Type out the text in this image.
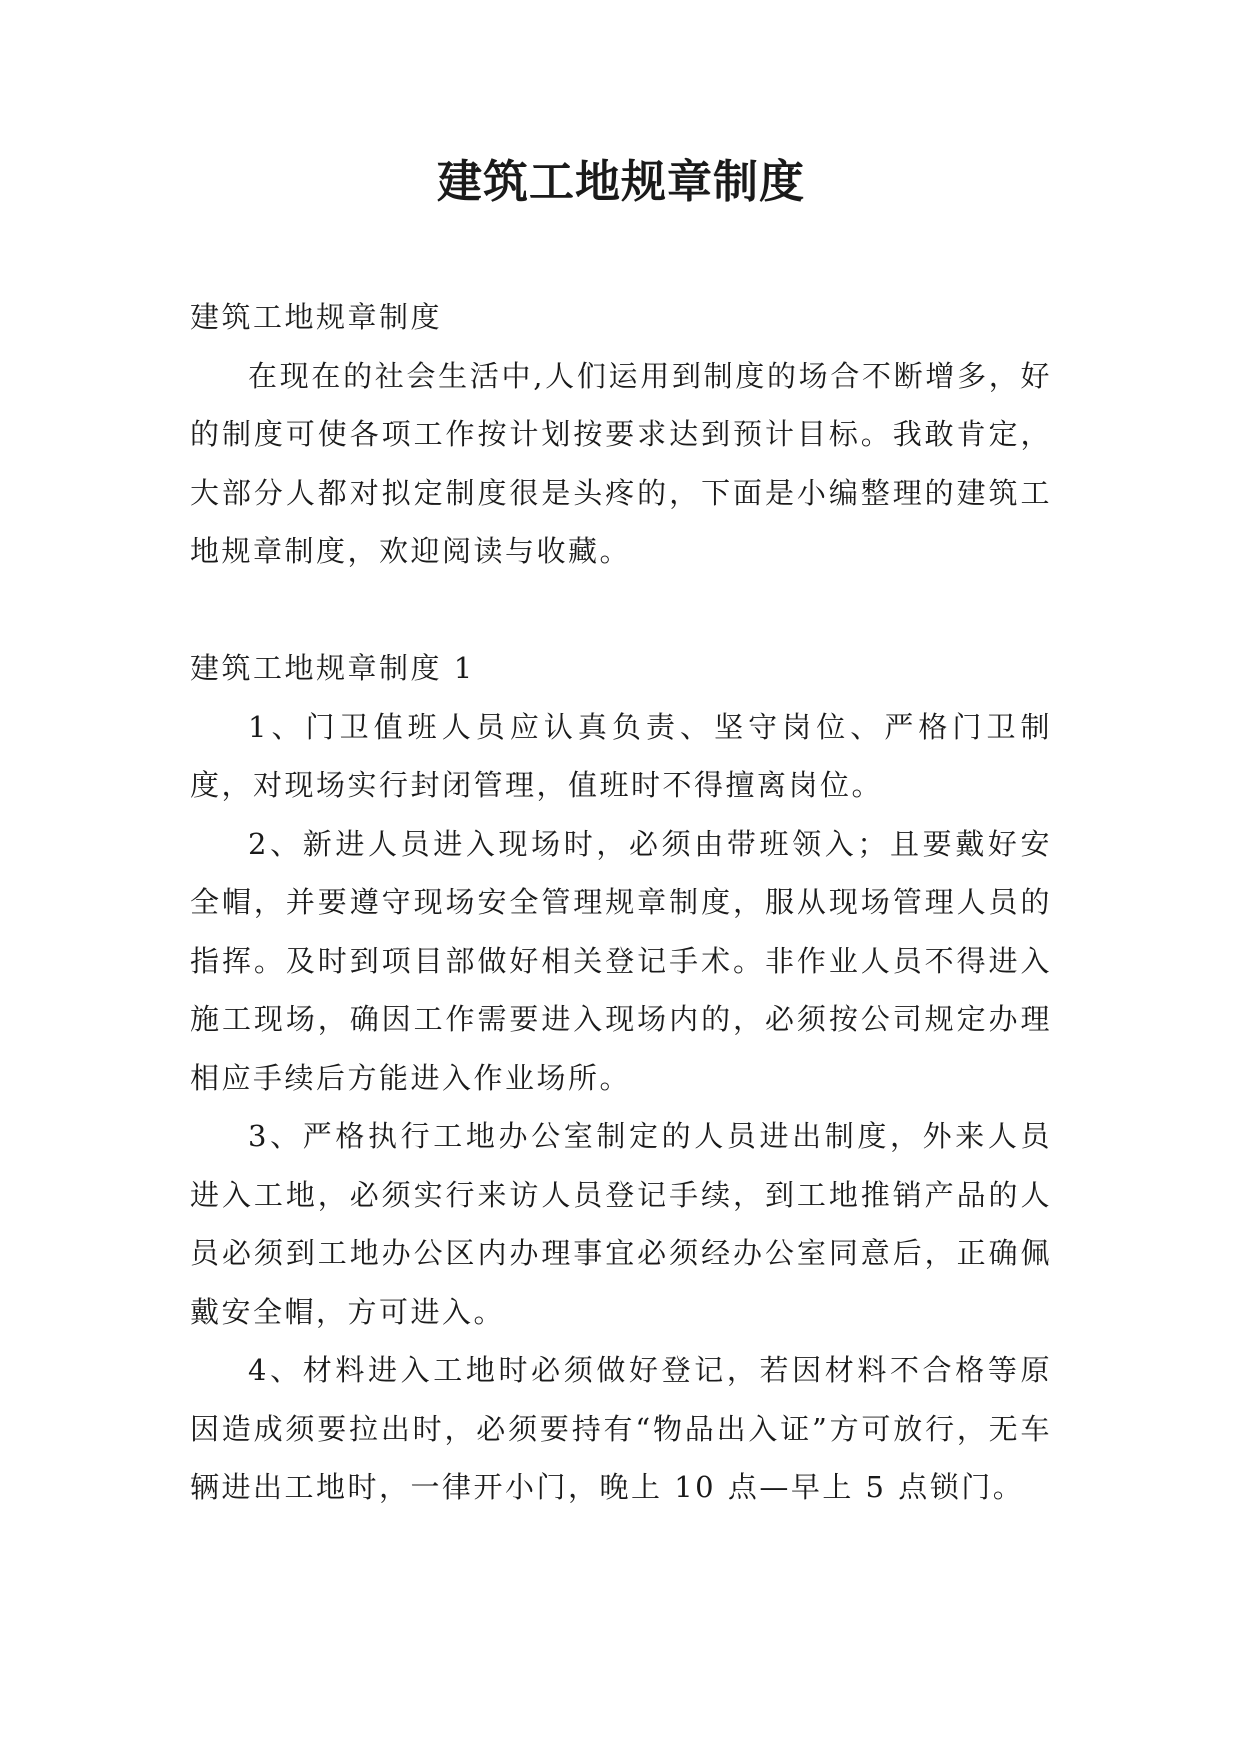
建筑工地规章制度

建筑工地规章制度

在现在的社会生活中,人们运用到制度的场合不断增多，好的制度可使各项工作按计划按要求达到预计目标。我敢肯定，大部分人都对拟定制度很是头疼的，下面是小编整理的建筑工地规章制度，欢迎阅读与收藏。

建筑工地规章制度 1

1、门卫值班人员应认真负责、坚守岗位、严格门卫制度，对现场实行封闭管理，值班时不得擅离岗位。

2、新进人员进入现场时，必须由带班领入；且要戴好安全帽，并要遵守现场安全管理规章制度，服从现场管理人员的指挥。及时到项目部做好相关登记手术。非作业人员不得进入施工现场，确因工作需要进入现场内的，必须按公司规定办理相应手续后方能进入作业场所。

3、严格执行工地办公室制定的人员进出制度，外来人员进入工地，必须实行来访人员登记手续，到工地推销产品的人员必须到工地办公区内办理事宜必须经办公室同意后，正确佩戴安全帽，方可进入。

4、材料进入工地时必须做好登记，若因材料不合格等原因造成须要拉出时，必须要持有“物品出入证”方可放行，无车辆进出工地时，一律开小门，晚上 10 点—早上 5 点锁门。
